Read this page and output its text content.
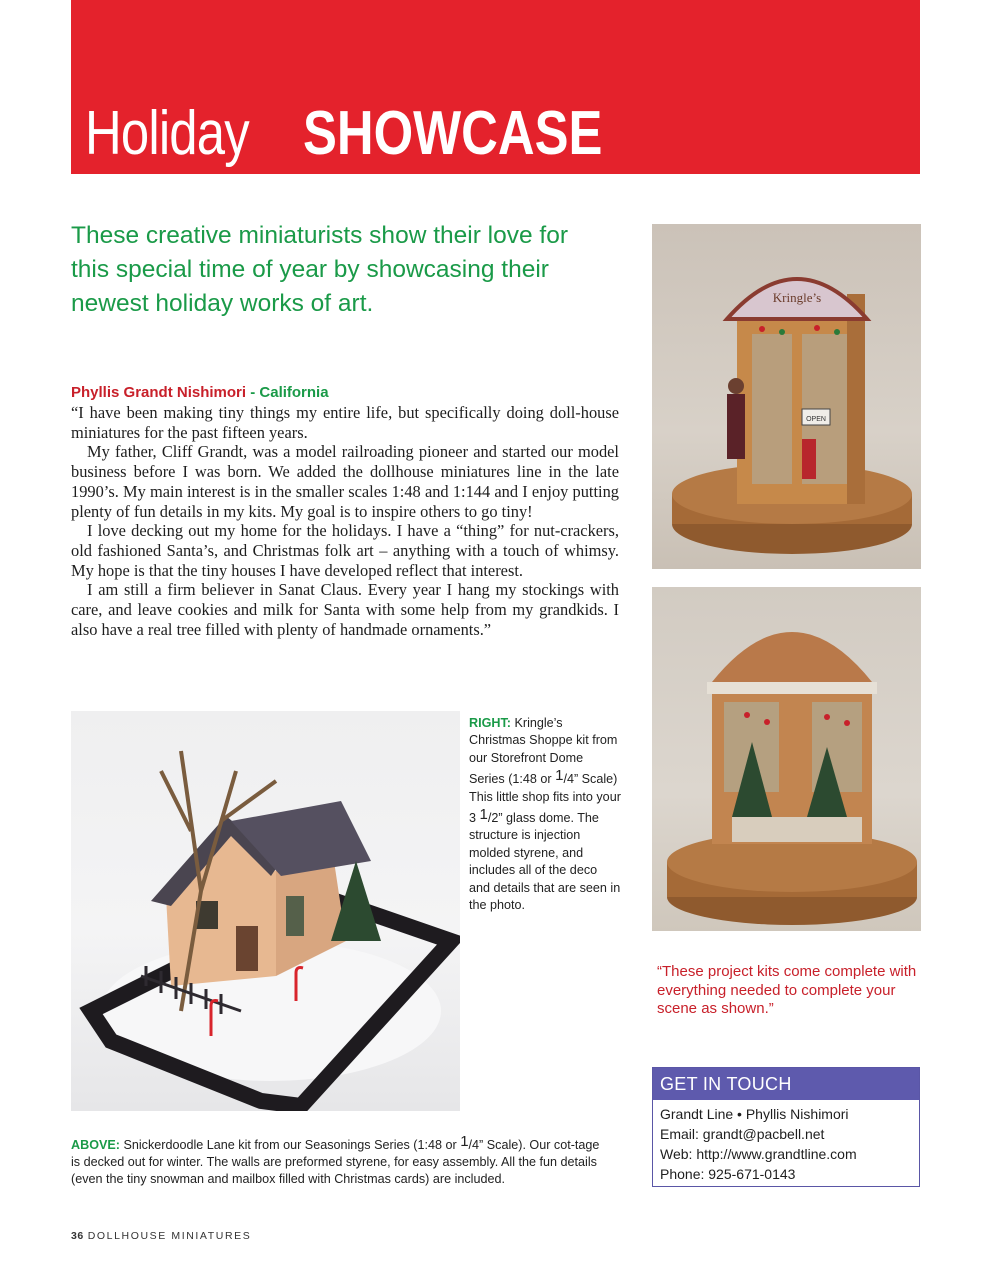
Holiday SHOWCASE
These creative miniaturists show their love for this special time of year by showcasing their newest holiday works of art.
Phyllis Grandt Nishimori - California

“I have been making tiny things my entire life, but specifically doing doll-house miniatures for the past fifteen years.

My father, Cliff Grandt, was a model railroading pioneer and started our model business before I was born. We added the dollhouse miniatures line in the late 1990’s. My main interest is in the smaller scales 1:48 and 1:144 and I enjoy putting plenty of fun details in my kits. My goal is to inspire others to go tiny!

I love decking out my home for the holidays. I have a “thing” for nut-crackers, old fashioned Santa’s, and Christmas folk art – anything with a touch of whimsy. My hope is that the tiny houses I have developed reflect that interest.

I am still a firm believer in Sanat Claus. Every year I hang my stockings with care, and leave cookies and milk for Santa with some help from my grandkids. I also have a real tree filled with plenty of handmade ornaments.”

RIGHT: Kringle’s Christmas Shoppe kit from our Storefront Dome Series (1:48 or 1/4” Scale) This little shop fits into your 3 1/2” glass dome. The structure is injection molded styrene, and includes all of the deco and details that are seen in the photo.
ABOVE: Snickerdoodle Lane kit from our Seasonings Series (1:48 or 1/4” Scale). Our cot-tage is decked out for winter. The walls are preformed styrene, for easy assembly. All the fun details (even the tiny snowman and mailbox filled with Christmas cards) are included.
Kringle’s
OPEN
“These project kits come complete with everything needed to complete your scene as shown.”
GET IN TOUCH
Grandt Line • Phyllis Nishimori
Email: grandt@pacbell.net
Web: http://www.grandtline.com
Phone: 925-671-0143
36 DOLLHOUSE MINIATURES
